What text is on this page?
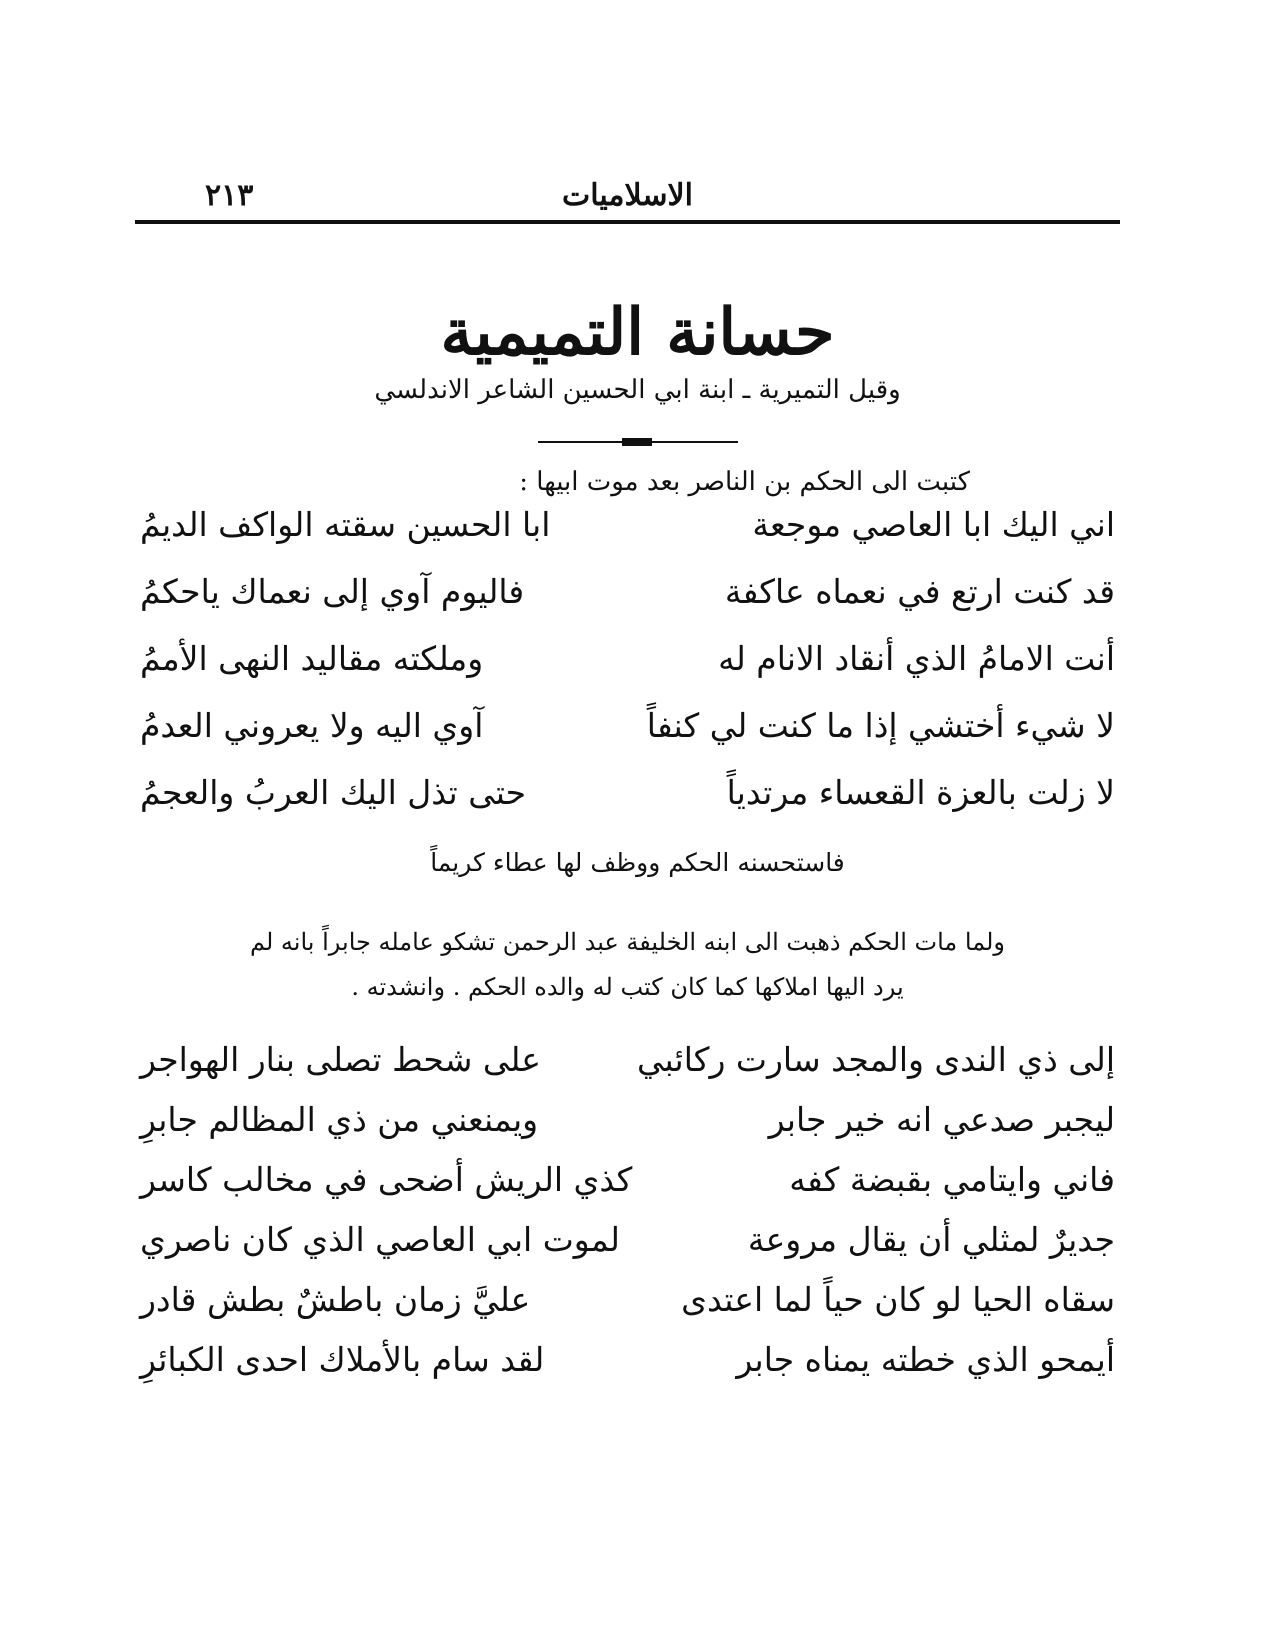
٢١٣	الاسلاميات
حسانة التميمية
وقيل التميرية ـ ابنة ابي الحسين الشاعر الاندلسي
كتبت الى الحكم بن الناصر بعد موت ابيها :
اني اليك ابا العاصي موجعة
ابا الحسين سقته الواكف الديمُ
قد كنت ارتع في نعماه عاكفة
فاليوم آوي إلى نعماك ياحكمُ
أنت الامامُ الذي أنقاد الانام له
وملكته مقاليد النهى الأممُ
لا شيء أختشي إذا ما كنت لي كنفاً
آوي اليه ولا يعروني العدمُ
لا زلت بالعزة القعساء مرتدياً
حتى تذل اليك العربُ والعجمُ
فاستحسنه الحكم ووظف لها عطاء كريماً
ولما مات الحكم ذهبت الى ابنه الخليفة عبد الرحمن تشكو عامله جابراً بانه لم
يرد اليها املاكها كما كان كتب له والده الحكم . وانشدته .
إلى ذي الندى والمجد سارت ركائبي
على شحط تصلى بنار الهواجر
ليجبر صدعي انه خير جابر
ويمنعني من ذي المظالم جابرِ
فاني وايتامي بقبضة كفه
كذي الريش أضحى في مخالب كاسر
جديرٌ لمثلي أن يقال مروعة
لموت ابي العاصي الذي كان ناصري
سقاه الحيا لو كان حياً لما اعتدى
عليَّ زمان باطشٌ بطش قادر
أيمحو الذي خطته يمناه جابر
لقد سام بالأملاك احدى الكبائرِ
